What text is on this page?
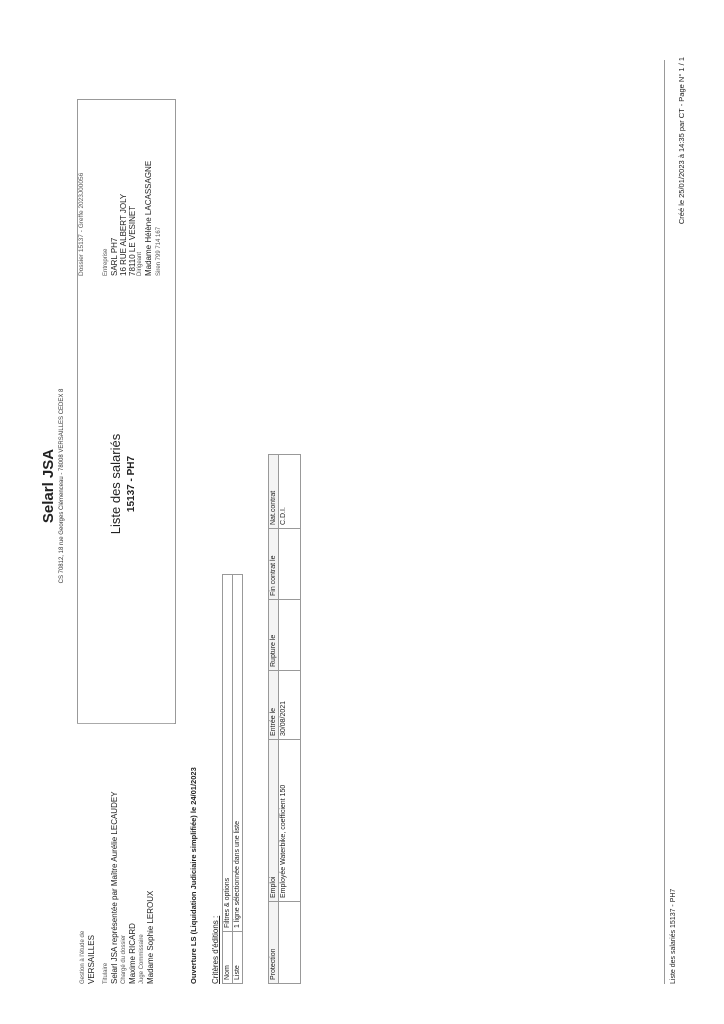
Selarl JSA CS 70812, 18 rue Georges Clémenceau - 78008 VERSAILLES CEDEX 8	Liste des salariés 15137 - PH7
Dossier 15137 - Greffe 2023J00056	Entreprise SARL PH7 16 RUE ALBERT JOLY 78110 LE VESINET Dirigeant Madame Hélène LACASSAGNE Siren 799 714 167
Gestion à l'étude de VERSAILLES Titulaire Selarl JSA représentée par Maître Aurélie LECAUDEY Chargé du dossier Maxime RICARD Juge Commissaire Madame Sophie LEROUX	Ouverture LS (Liquidation Judiciaire simplifiée) le 24/01/2023 Critères d'éditions : Nom	Filtres & options
Liste	1 ligne sélectionnée dans une liste
Protection	Emploi	Entrée le	Rupture le	Fin contrat le	Nat.contrat
	Employée Waterbike, coefficient 150	30/08/2021			C.D.I.
Liste des salariés 15137 - PH7
Créé le 25/01/2023 à 14:35 par CT - Page N° 1 / 1
